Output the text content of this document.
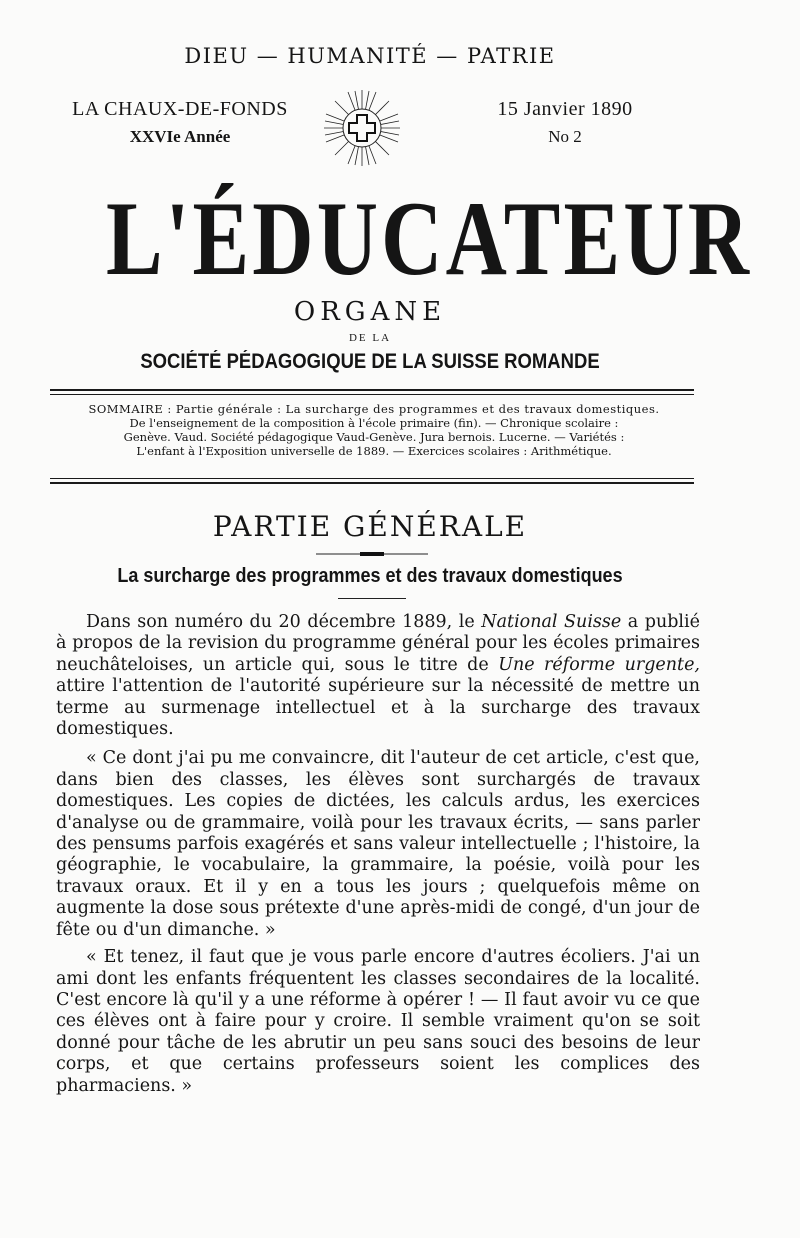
DIEU — HUMANITÉ — PATRIE
LA CHAUX-DE-FONDS
XXVIe Année
15 Janvier 1890
No 2
L'ÉDUCATEUR
ORGANE
DE LA
SOCIÉTÉ PÉDAGOGIQUE DE LA SUISSE ROMANDE
SOMMAIRE : Partie générale : La surcharge des programmes et des travaux domestiques.
De l'enseignement de la composition à l'école primaire (fin). — Chronique scolaire :
Genève. Vaud. Société pédagogique Vaud-Genève. Jura bernois. Lucerne. — Variétés :
L'enfant à l'Exposition universelle de 1889. — Exercices scolaires : Arithmétique.
PARTIE GÉNÉRALE
La surcharge des programmes et des travaux domestiques

Dans son numéro du 20 décembre 1889, le National Suisse a publié à propos de la revision du programme général pour les écoles primaires neuchâteloises, un article qui, sous le titre de Une réforme urgente, attire l'attention de l'autorité supérieure sur la nécessité de mettre un terme au surmenage intellectuel et à la surcharge des travaux domestiques.

« Ce dont j'ai pu me convaincre, dit l'auteur de cet article, c'est que, dans bien des classes, les élèves sont surchargés de travaux domestiques. Les copies de dictées, les calculs ardus, les exercices d'analyse ou de grammaire, voilà pour les travaux écrits, — sans parler des pensums parfois exagérés et sans valeur intellectuelle ; l'histoire, la géographie, le vocabulaire, la grammaire, la poésie, voilà pour les travaux oraux. Et il y en a tous les jours ; quelquefois même on augmente la dose sous prétexte d'une après-midi de congé, d'un jour de fête ou d'un dimanche. »

« Et tenez, il faut que je vous parle encore d'autres écoliers. J'ai un ami dont les enfants fréquentent les classes secondaires de la localité. C'est encore là qu'il y a une réforme à opérer ! — Il faut avoir vu ce que ces élèves ont à faire pour y croire. Il semble vraiment qu'on se soit donné pour tâche de les abrutir un peu sans souci des besoins de leur corps, et que certains professeurs soient les complices des pharmaciens. »
